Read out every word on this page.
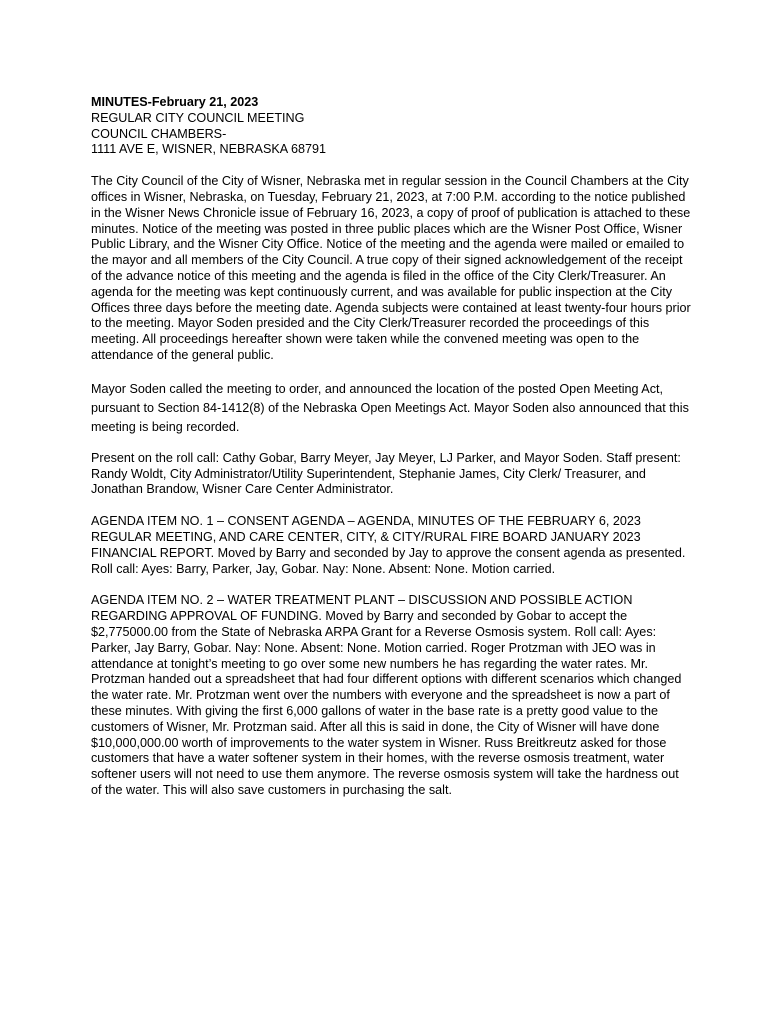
MINUTES-February 21, 2023
REGULAR CITY COUNCIL MEETING
COUNCIL CHAMBERS-
1111 AVE E, WISNER, NEBRASKA 68791

The City Council of the City of Wisner, Nebraska met in regular session in the Council Chambers at the City offices in Wisner, Nebraska, on Tuesday, February 21, 2023, at 7:00 P.M. according to the notice published in the Wisner News Chronicle issue of February 16, 2023, a copy of proof of publication is attached to these minutes. Notice of the meeting was posted in three public places which are the Wisner Post Office, Wisner Public Library, and the Wisner City Office. Notice of the meeting and the agenda were mailed or emailed to the mayor and all members of the City Council. A true copy of their signed acknowledgement of the receipt of the advance notice of this meeting and the agenda is filed in the office of the City Clerk/Treasurer. An agenda for the meeting was kept continuously current, and was available for public inspection at the City Offices three days before the meeting date. Agenda subjects were contained at least twenty-four hours prior to the meeting. Mayor Soden presided and the City Clerk/Treasurer recorded the proceedings of this meeting. All proceedings hereafter shown were taken while the convened meeting was open to the attendance of the general public.

Mayor Soden called the meeting to order, and announced the location of the posted Open Meeting Act, pursuant to Section 84-1412(8) of the Nebraska Open Meetings Act. Mayor Soden also announced that this meeting is being recorded.

Present on the roll call: Cathy Gobar, Barry Meyer, Jay Meyer, LJ Parker, and Mayor Soden. Staff present: Randy Woldt, City Administrator/Utility Superintendent, Stephanie James, City Clerk/ Treasurer, and Jonathan Brandow, Wisner Care Center Administrator.

AGENDA ITEM NO. 1 – CONSENT AGENDA – AGENDA, MINUTES OF THE FEBRUARY 6, 2023 REGULAR MEETING, AND CARE CENTER, CITY, & CITY/RURAL FIRE BOARD JANUARY 2023 FINANCIAL REPORT. Moved by Barry and seconded by Jay to approve the consent agenda as presented. Roll call: Ayes: Barry, Parker, Jay, Gobar. Nay: None. Absent: None. Motion carried.

AGENDA ITEM NO. 2 – WATER TREATMENT PLANT – DISCUSSION AND POSSIBLE ACTION REGARDING APPROVAL OF FUNDING. Moved by Barry and seconded by Gobar to accept the $2,775000.00 from the State of Nebraska ARPA Grant for a Reverse Osmosis system. Roll call: Ayes: Parker, Jay Barry, Gobar. Nay: None. Absent: None. Motion carried. Roger Protzman with JEO was in attendance at tonight’s meeting to go over some new numbers he has regarding the water rates. Mr. Protzman handed out a spreadsheet that had four different options with different scenarios which changed the water rate. Mr. Protzman went over the numbers with everyone and the spreadsheet is now a part of these minutes. With giving the first 6,000 gallons of water in the base rate is a pretty good value to the customers of Wisner, Mr. Protzman said. After all this is said in done, the City of Wisner will have done $10,000,000.00 worth of improvements to the water system in Wisner. Russ Breitkreutz asked for those customers that have a water softener system in their homes, with the reverse osmosis treatment, water softener users will not need to use them anymore. The reverse osmosis system will take the hardness out of the water. This will also save customers in purchasing the salt.
